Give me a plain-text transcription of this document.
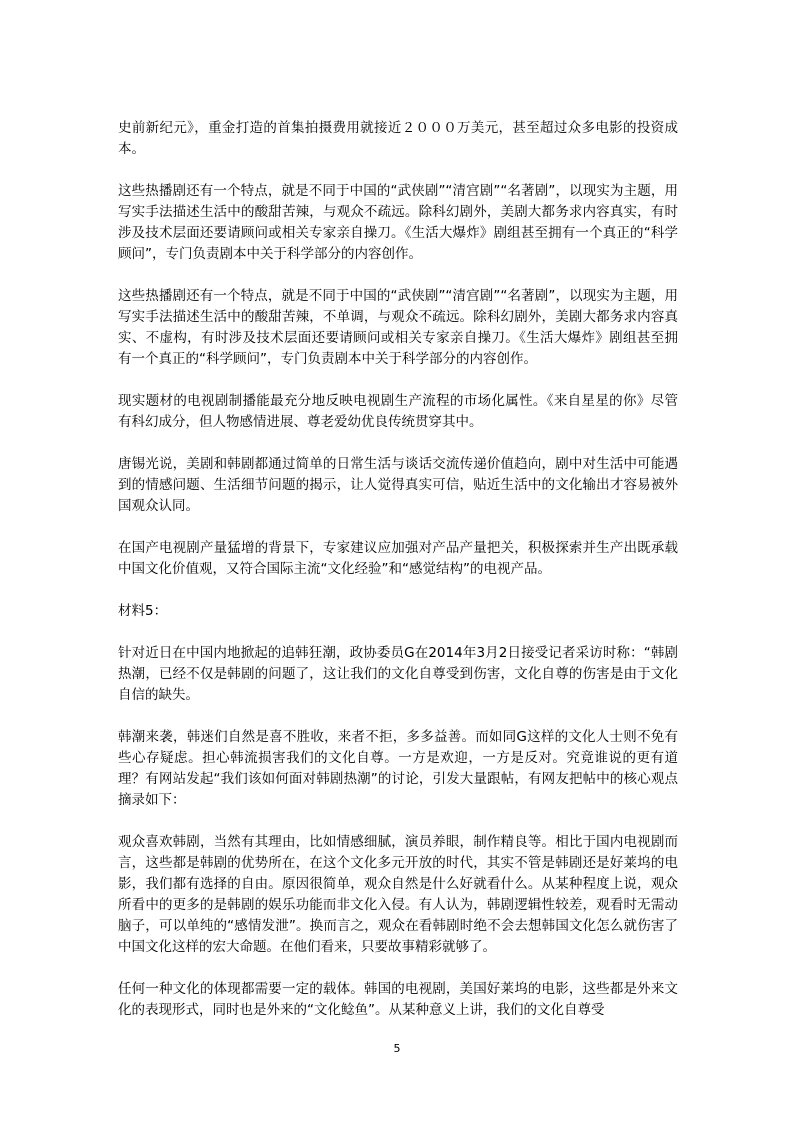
史前新纪元》，重金打造的首集拍摄费用就接近２０００万美元，甚至超过众多电影的投资成本。

这些热播剧还有一个特点，就是不同于中国的“武侠剧”“清宫剧”“名著剧”，以现实为主题，用写实手法描述生活中的酸甜苦辣，与观众不疏远。除科幻剧外，美剧大都务求内容真实，有时涉及技术层面还要请顾问或相关专家亲自操刀。《生活大爆炸》剧组甚至拥有一个真正的“科学顾问”，专门负责剧本中关于科学部分的内容创作。

这些热播剧还有一个特点，就是不同于中国的“武侠剧”“清宫剧”“名著剧”，以现实为主题，用写实手法描述生活中的酸甜苦辣，不单调，与观众不疏远。除科幻剧外，美剧大都务求内容真实、不虚构，有时涉及技术层面还要请顾问或相关专家亲自操刀。《生活大爆炸》剧组甚至拥有一个真正的“科学顾问”，专门负责剧本中关于科学部分的内容创作。

现实题材的电视剧制播能最充分地反映电视剧生产流程的市场化属性。《来自星星的你》尽管有科幻成分，但人物感情进展、尊老爱幼优良传统贯穿其中。

唐锡光说，美剧和韩剧都通过简单的日常生活与谈话交流传递价值趋向，剧中对生活中可能遇到的情感问题、生活细节问题的揭示，让人觉得真实可信，贴近生活中的文化输出才容易被外国观众认同。

在国产电视剧产量猛增的背景下，专家建议应加强对产品产量把关，积极探索并生产出既承载中国文化价值观，又符合国际主流“文化经验”和“感觉结构”的电视产品。

材料5：

针对近日在中国内地掀起的追韩狂潮，政协委员G在2014年3月2日接受记者采访时称：“韩剧热潮，已经不仅是韩剧的问题了，这让我们的文化自尊受到伤害，文化自尊的伤害是由于文化自信的缺失。

韩潮来袭，韩迷们自然是喜不胜收，来者不拒，多多益善。而如同G这样的文化人士则不免有些心存疑虑。担心韩流损害我们的文化自尊。一方是欢迎，一方是反对。究竟谁说的更有道理？有网站发起“我们该如何面对韩剧热潮”的讨论，引发大量跟帖，有网友把帖中的核心观点摘录如下：

观众喜欢韩剧，当然有其理由，比如情感细腻，演员养眼，制作精良等。相比于国内电视剧而言，这些都是韩剧的优势所在，在这个文化多元开放的时代，其实不管是韩剧还是好莱坞的电影，我们都有选择的自由。原因很简单，观众自然是什么好就看什么。从某种程度上说，观众所看中的更多的是韩剧的娱乐功能而非文化入侵。有人认为，韩剧逻辑性较差，观看时无需动脑子，可以单纯的“感情发泄”。换而言之，观众在看韩剧时绝不会去想韩国文化怎么就伤害了中国文化这样的宏大命题。在他们看来，只要故事精彩就够了。

任何一种文化的体现都需要一定的载体。韩国的电视剧，美国好莱坞的电影，这些都是外来文化的表现形式，同时也是外来的“文化鲶鱼”。从某种意义上讲，我们的文化自尊受

5
